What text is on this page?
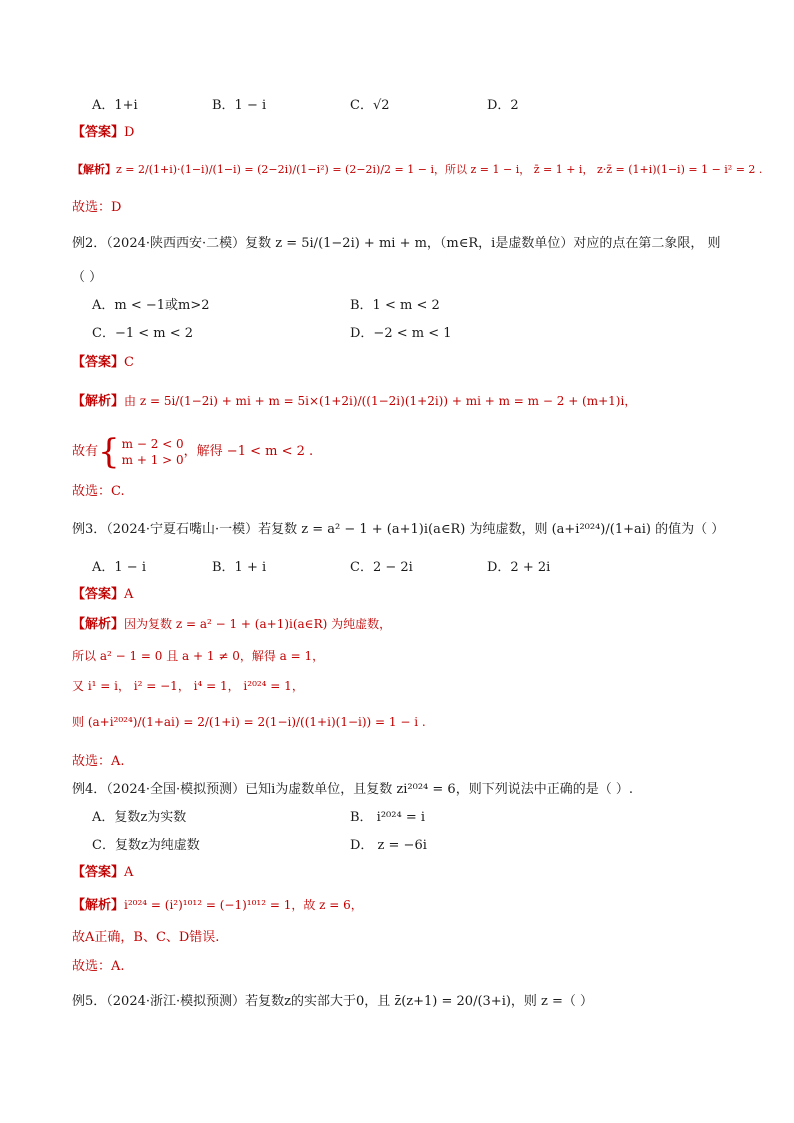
A．1+i	B．1 − i	C．√2	D．2
【答案】D
【解析】z = 2/(1+i)·(1−i)/(1−i) = (2−2i)/(1−i²) = (2−2i)/2 = 1 − i，所以 z = 1 − i， z̄ = 1 + i， z·z̄ = (1+i)(1−i) = 1 − i² = 2 .
故选：D
例2．（2024·陕西西安·二模）复数 z = 5i/(1−2i) + mi + m，（m∈R，i是虚数单位）对应的点在第二象限， 则
（ ）
A．m < −1或m>2	B．1 < m < 2
C．−1 < m < 2	D．−2 < m < 1
【答案】C
【解析】由 z = 5i/(1−2i) + mi + m = 5i×(1+2i)/((1−2i)(1+2i)) + mi + m = m − 2 + (m+1)i，
故有{ m − 2 < 0
m + 1 > 0
，解得 −1 < m < 2 .
故选：C.
例3．（2024·宁夏石嘴山·一模）若复数 z = a² − 1 + (a+1)i(a∈R) 为纯虚数，则 (a+i²⁰²⁴)/(1+ai) 的值为（ ）
A．1 − i	B．1 + i	C．2 − 2i	D．2 + 2i
【答案】A
【解析】因为复数 z = a² − 1 + (a+1)i(a∈R) 为纯虚数，
所以 a² − 1 = 0 且 a + 1 ≠ 0，解得 a = 1，
又 i¹ = i， i² = −1， i⁴ = 1， i²⁰²⁴ = 1，
则 (a+i²⁰²⁴)/(1+ai) = 2/(1+i) = 2(1−i)/((1+i)(1−i)) = 1 − i .
故选：A.
例4．（2024·全国·模拟预测）已知i为虚数单位，且复数 zi²⁰²⁴ = 6，则下列说法中正确的是（ ）.
A．复数z为实数	B． i²⁰²⁴ = i
C．复数z为纯虚数	D． z = −6i
【答案】A
【解析】i²⁰²⁴ = (i²)¹⁰¹² = (−1)¹⁰¹² = 1，故 z = 6，
故A正确，B、C、D错误.
故选：A.
例5．（2024·浙江·模拟预测）若复数z的实部大于0，且 z̄(z+1) = 20/(3+i)，则 z =（ ）
